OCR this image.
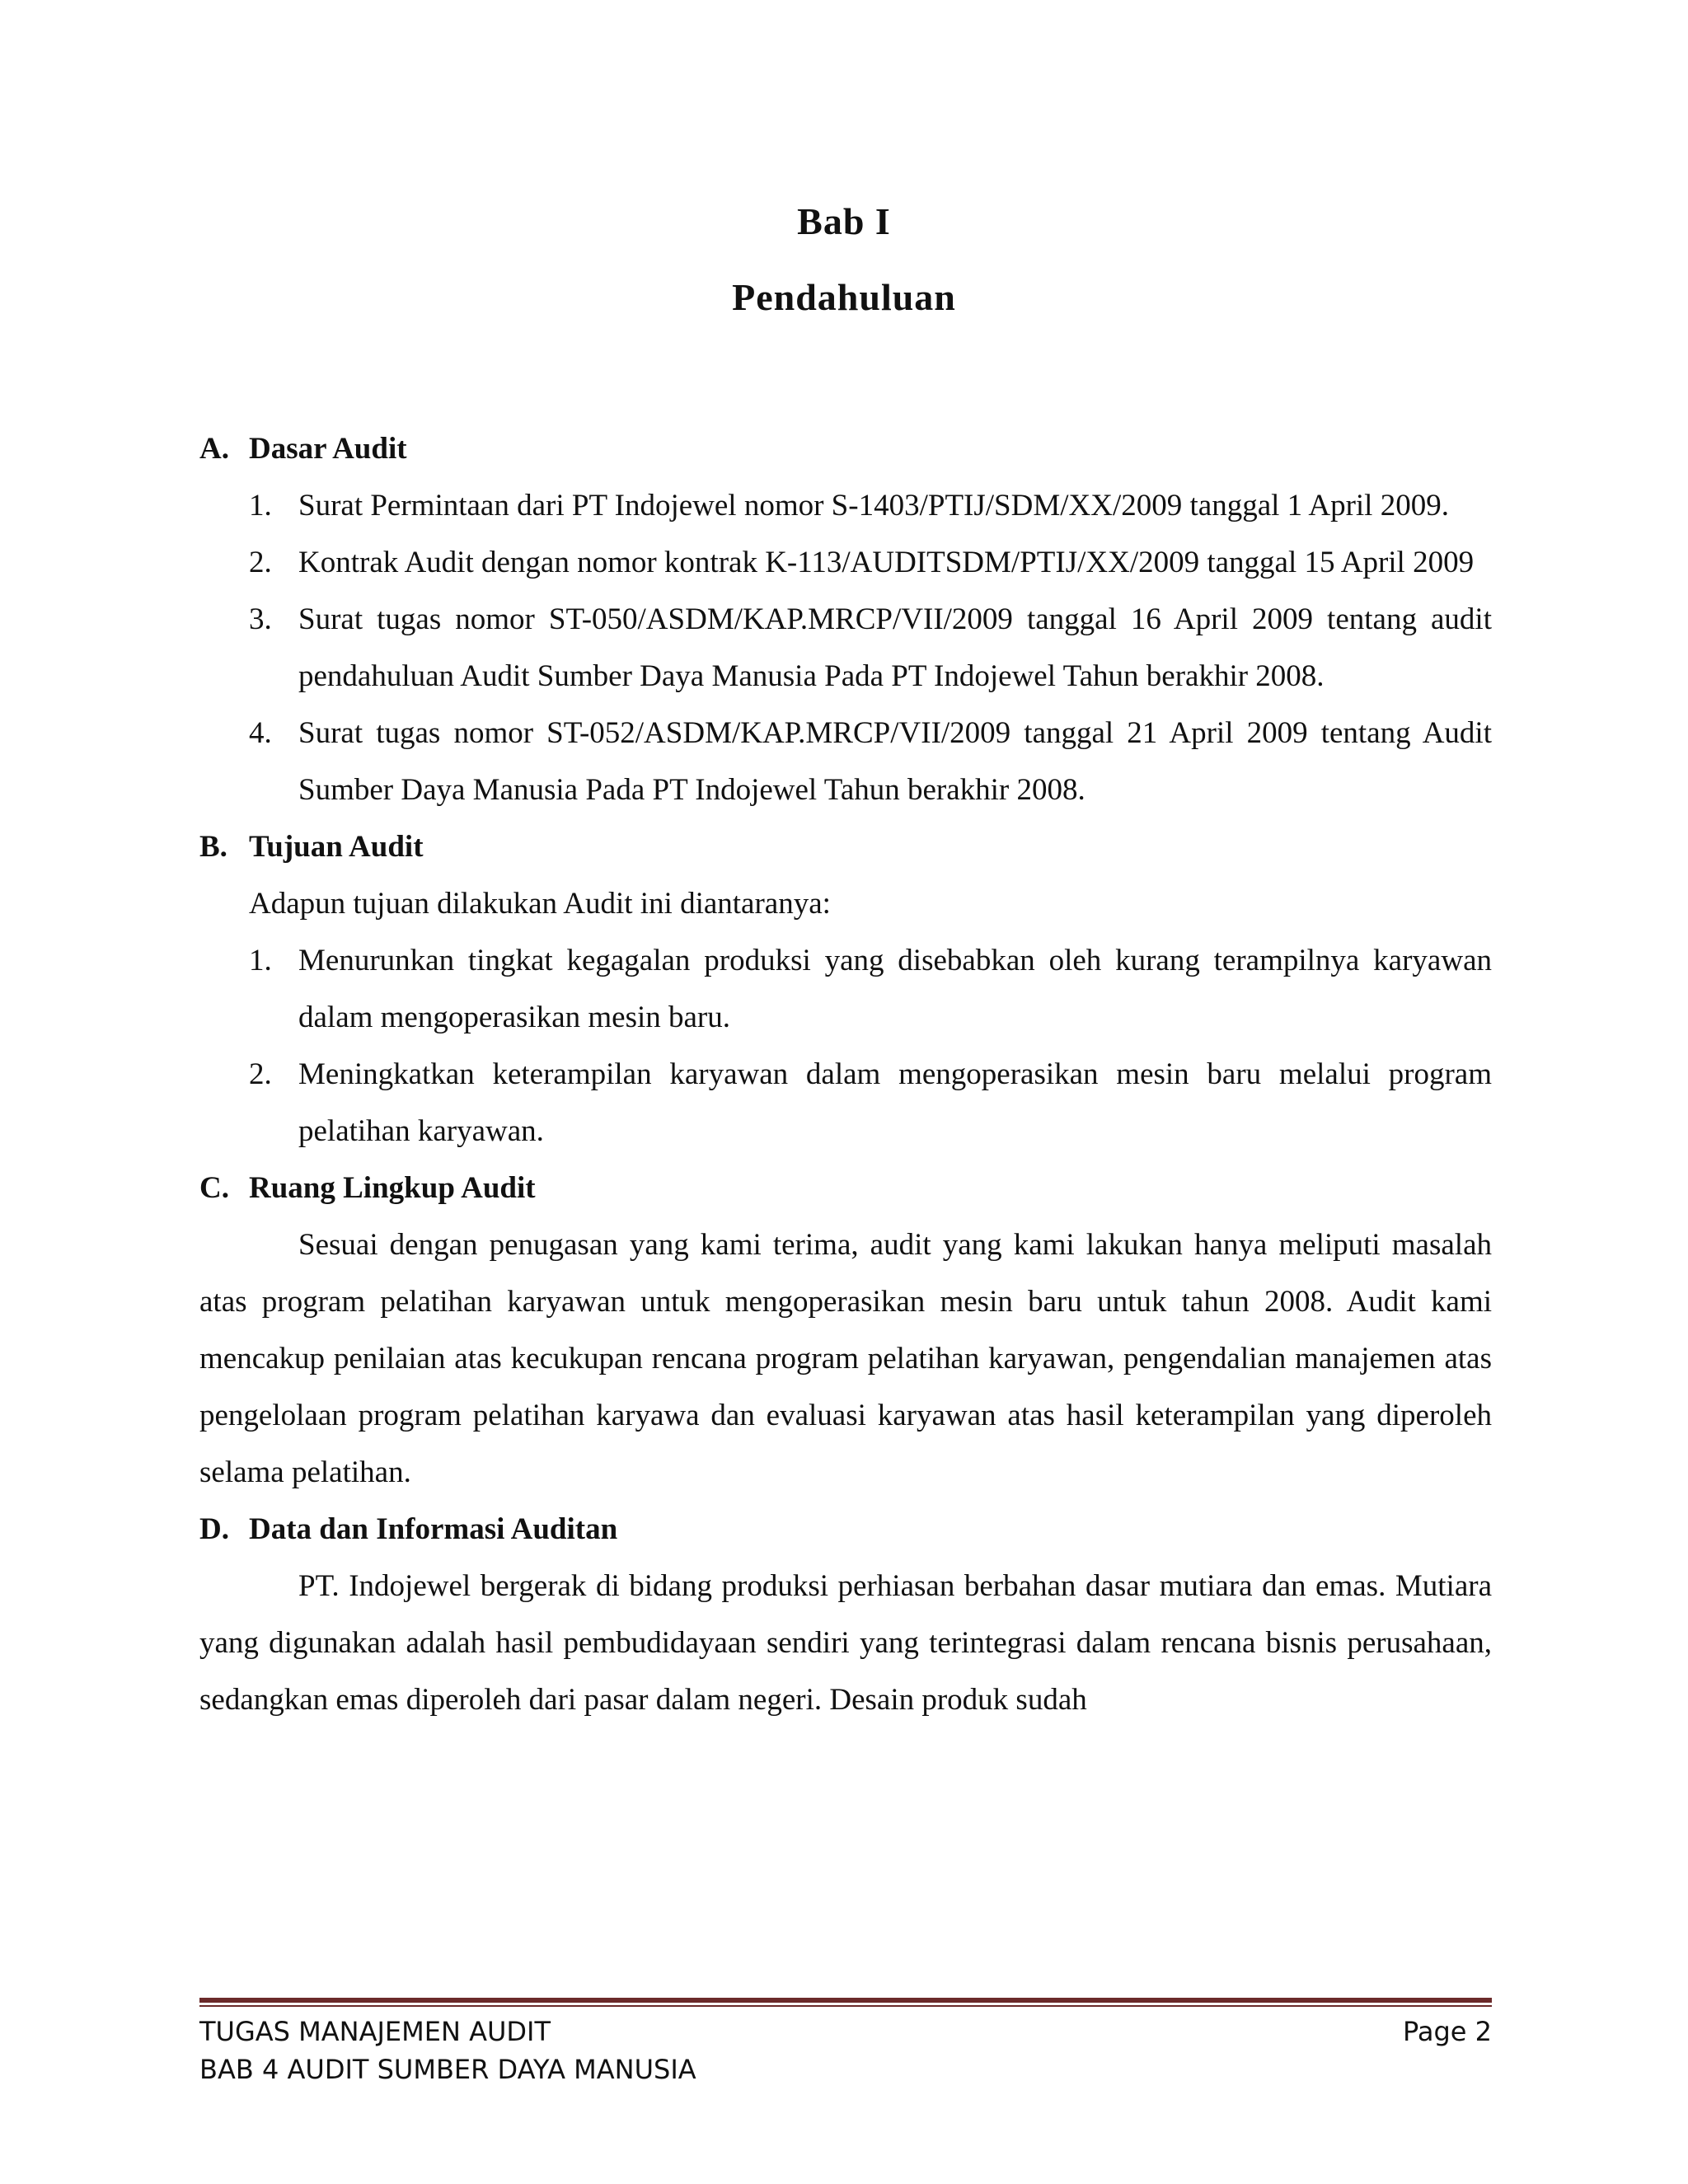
Bab I
Pendahuluan
A. Dasar Audit
1. Surat Permintaan dari PT Indojewel nomor S-1403/PTIJ/SDM/XX/2009 tanggal 1 April 2009.
2. Kontrak Audit dengan nomor kontrak K-113/AUDITSDM/PTIJ/XX/2009 tanggal 15 April 2009
3. Surat tugas nomor ST-050/ASDM/KAP.MRCP/VII/2009 tanggal 16 April 2009 tentang audit pendahuluan Audit Sumber Daya Manusia Pada PT Indojewel Tahun berakhir 2008.
4. Surat tugas nomor ST-052/ASDM/KAP.MRCP/VII/2009 tanggal 21 April 2009 tentang Audit Sumber Daya Manusia Pada PT Indojewel Tahun berakhir 2008.
B. Tujuan Audit
Adapun tujuan dilakukan Audit ini diantaranya:
1. Menurunkan tingkat kegagalan produksi yang disebabkan oleh kurang terampilnya karyawan dalam mengoperasikan mesin baru.
2. Meningkatkan keterampilan karyawan dalam mengoperasikan mesin baru melalui program pelatihan karyawan.
C. Ruang Lingkup Audit
Sesuai dengan penugasan yang kami terima, audit yang kami lakukan hanya meliputi masalah atas program pelatihan karyawan untuk mengoperasikan mesin baru untuk tahun 2008. Audit kami mencakup penilaian atas kecukupan rencana program pelatihan karyawan, pengendalian manajemen atas pengelolaan program pelatihan karyawa dan evaluasi karyawan atas hasil keterampilan yang diperoleh selama pelatihan.
D. Data dan Informasi Auditan
PT. Indojewel bergerak di bidang produksi perhiasan berbahan dasar mutiara dan emas. Mutiara yang digunakan adalah hasil pembudidayaan sendiri yang terintegrasi dalam rencana bisnis perusahaan, sedangkan emas diperoleh dari pasar dalam negeri. Desain produk sudah
TUGAS MANAJEMEN AUDIT
BAB 4 AUDIT SUMBER DAYA MANUSIA
Page 2
